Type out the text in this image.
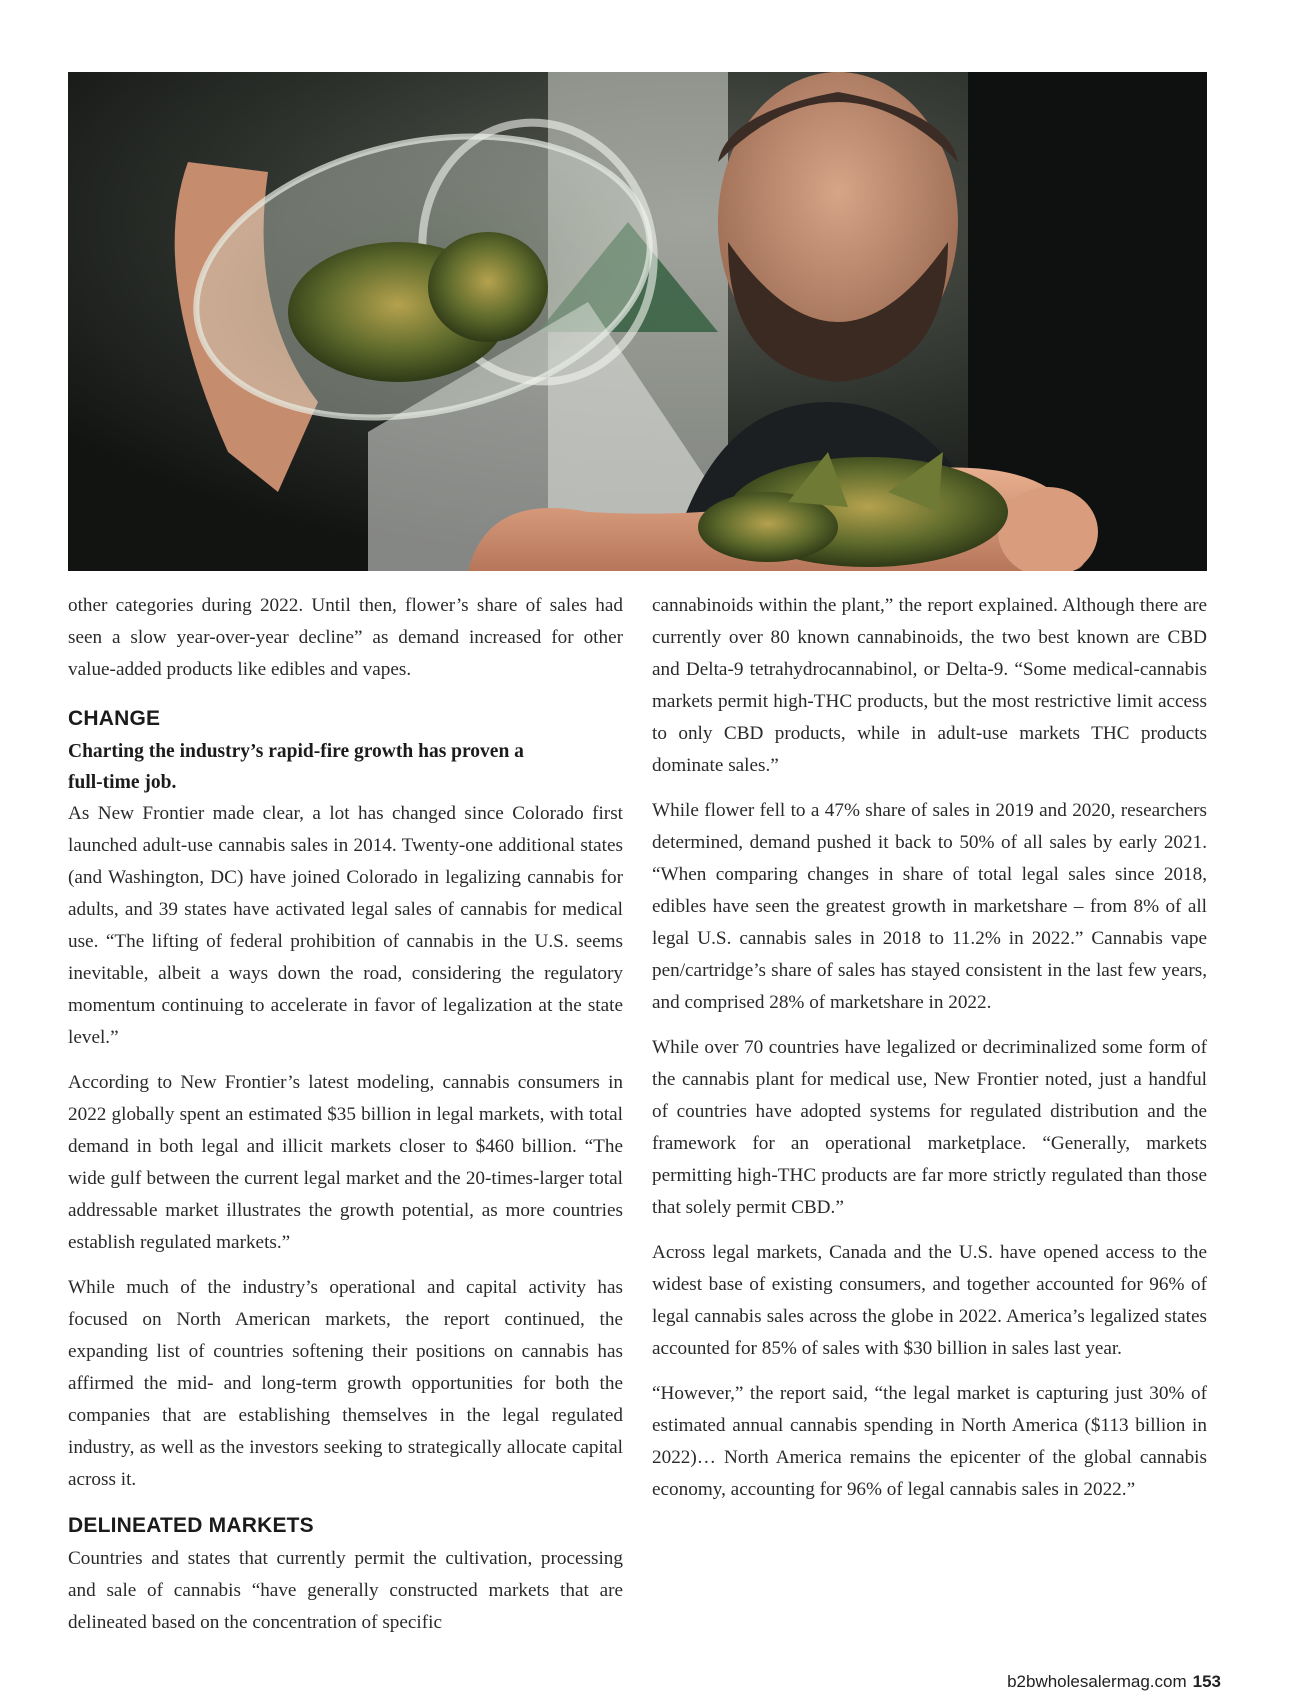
other categories during 2022. Until then, flower’s share of sales had seen a slow year-over-year decline” as demand increased for other value-added products like edibles and vapes.

CHANGE
Charting the industry’s rapid-fire growth has proven a full-time job.

As New Frontier made clear, a lot has changed since Colorado first launched adult-use cannabis sales in 2014. Twenty-one additional states (and Washington, DC) have joined Colorado in legalizing cannabis for adults, and 39 states have activated legal sales of cannabis for medical use. “The lifting of federal prohibition of cannabis in the U.S. seems inevitable, albeit a ways down the road, considering the regulatory momentum continuing to accelerate in favor of legalization at the state level.”

According to New Frontier’s latest modeling, cannabis consumers in 2022 globally spent an estimated $35 billion in legal markets, with total demand in both legal and illicit markets closer to $460 billion. “The wide gulf between the current legal market and the 20-times-larger total addressable market illustrates the growth potential, as more countries establish regulated markets.”

While much of the industry’s operational and capital activity has focused on North American markets, the report continued, the expanding list of countries softening their positions on cannabis has affirmed the mid- and long-term growth opportunities for both the companies that are establishing themselves in the legal regulated industry, as well as the investors seeking to strategically allocate capital across it.

DELINEATED MARKETS

Countries and states that currently permit the cultivation, processing and sale of cannabis “have generally constructed markets that are delineated based on the concentration of specific

cannabinoids within the plant,” the report explained. Although there are currently over 80 known cannabinoids, the two best known are CBD and Delta-9 tetrahydrocannabinol, or Delta-9. “Some medical-cannabis markets permit high-THC products, but the most restrictive limit access to only CBD products, while in adult-use markets THC products dominate sales.”

While flower fell to a 47% share of sales in 2019 and 2020, researchers determined, demand pushed it back to 50% of all sales by early 2021. “When comparing changes in share of total legal sales since 2018, edibles have seen the greatest growth in marketshare – from 8% of all legal U.S. cannabis sales in 2018 to 11.2% in 2022.” Cannabis vape pen/cartridge’s share of sales has stayed consistent in the last few years, and comprised 28% of marketshare in 2022.

While over 70 countries have legalized or decriminalized some form of the cannabis plant for medical use, New Frontier noted, just a handful of countries have adopted systems for regulated distribution and the framework for an operational marketplace. “Generally, markets permitting high-THC products are far more strictly regulated than those that solely permit CBD.”

Across legal markets, Canada and the U.S. have opened access to the widest base of existing consumers, and together accounted for 96% of legal cannabis sales across the globe in 2022. America’s legalized states accounted for 85% of sales with $30 billion in sales last year.

“However,” the report said, “the legal market is capturing just 30% of estimated annual cannabis spending in North America ($113 billion in 2022)… North America remains the epicenter of the global cannabis economy, accounting for 96% of legal cannabis sales in 2022.”

b2bwholesalermag.com 153
